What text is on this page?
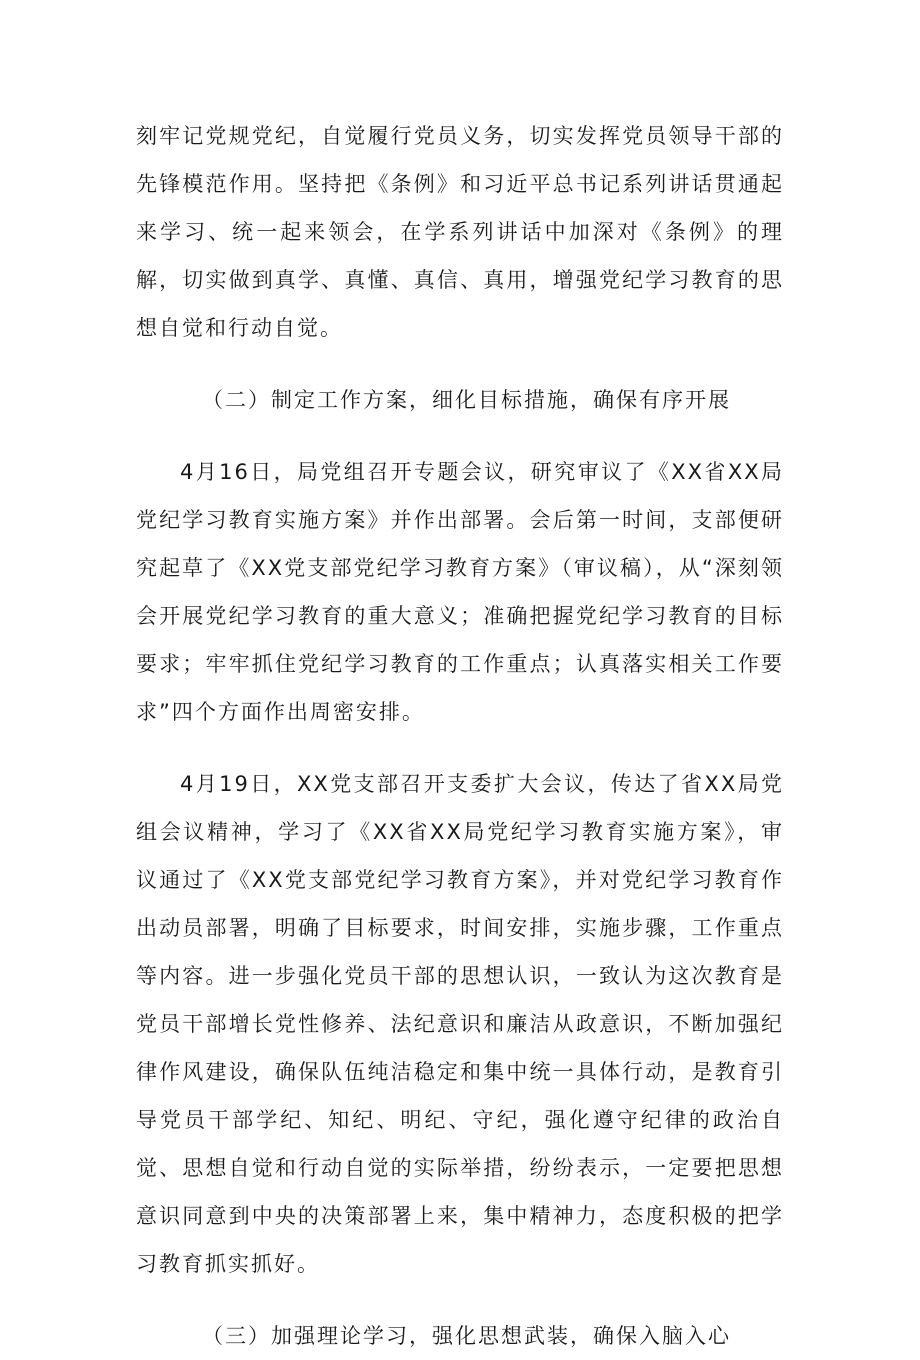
刻牢记党规党纪，自觉履行党员义务，切实发挥党员领导干部的先锋模范作用。坚持把《条例》和习近平总书记系列讲话贯通起来学习、统一起来领会，在学系列讲话中加深对《条例》的理解，切实做到真学、真懂、真信、真用，增强党纪学习教育的思想自觉和行动自觉。

（二）制定工作方案，细化目标措施，确保有序开展

4月16日，局党组召开专题会议，研究审议了《XX省XX局党纪学习教育实施方案》并作出部署。会后第一时间，支部便研究起草了《XX党支部党纪学习教育方案》（审议稿），从“深刻领会开展党纪学习教育的重大意义；准确把握党纪学习教育的目标要求；牢牢抓住党纪学习教育的工作重点；认真落实相关工作要求”四个方面作出周密安排。

4月19日，XX党支部召开支委扩大会议，传达了省XX局党组会议精神，学习了《XX省XX局党纪学习教育实施方案》，审议通过了《XX党支部党纪学习教育方案》，并对党纪学习教育作出动员部署，明确了目标要求，时间安排，实施步骤，工作重点等内容。进一步强化党员干部的思想认识，一致认为这次教育是党员干部增长党性修养、法纪意识和廉洁从政意识，不断加强纪律作风建设，确保队伍纯洁稳定和集中统一具体行动，是教育引导党员干部学纪、知纪、明纪、守纪，强化遵守纪律的政治自觉、思想自觉和行动自觉的实际举措，纷纷表示，一定要把思想意识同意到中央的决策部署上来，集中精神力，态度积极的把学习教育抓实抓好。

（三）加强理论学习，强化思想武装，确保入脑入心
